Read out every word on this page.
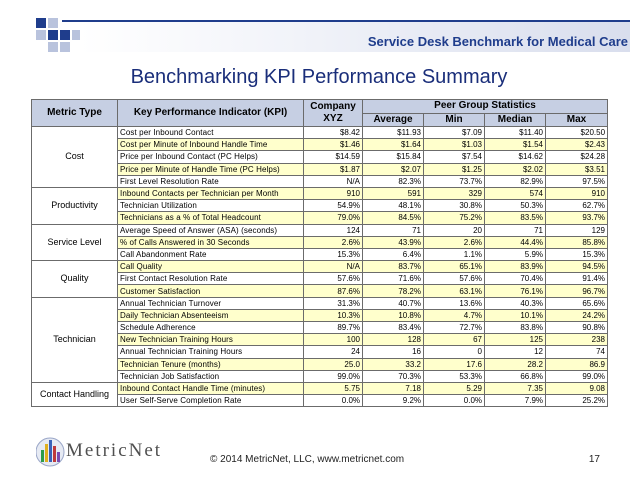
Service Desk Benchmark for Medical Care
Benchmarking KPI Performance Summary
Metric Type	Key Performance Indicator (KPI)	Company XYZ	Peer Group Statistics			
			Average	Min	Median	Max
Cost	Cost per Inbound Contact	$8.42	$11.93	$7.09	$11.40	$20.50
	Cost per Minute of Inbound Handle Time	$1.46	$1.64	$1.03	$1.54	$2.43
	Price per Inbound Contact (PC Helps)	$14.59	$15.84	$7.54	$14.62	$24.28
	Price per Minute of Handle Time (PC Helps)	$1.87	$2.07	$1.25	$2.02	$3.51
	First Level Resolution Rate	N/A	82.3%	73.7%	82.9%	97.5%
Productivity	Inbound Contacts per Technician per Month	910	591	329	574	910
	Technician Utilization	54.9%	48.1%	30.8%	50.3%	62.7%
	Technicians as a % of Total Headcount	79.0%	84.5%	75.2%	83.5%	93.7%
Service Level	Average Speed of Answer (ASA) (seconds)	124	71	20	71	129
	% of Calls Answered in 30 Seconds	2.6%	43.9%	2.6%	44.4%	85.8%
	Call Abandonment Rate	15.3%	6.4%	1.1%	5.9%	15.3%
Quality	Call Quality	N/A	83.7%	65.1%	83.9%	94.5%
	First Contact Resolution Rate	57.6%	71.6%	57.6%	70.4%	91.4%
	Customer Satisfaction	87.6%	78.2%	63.1%	76.1%	96.7%
Technician	Annual Technician Turnover	31.3%	40.7%	13.6%	40.3%	65.6%
	Daily Technician Absenteeism	10.3%	10.8%	4.7%	10.1%	24.2%
	Schedule Adherence	89.7%	83.4%	72.7%	83.8%	90.8%
	New Technician Training Hours	100	128	67	125	238
	Annual Technician Training Hours	24	16	0	12	74
	Technician Tenure (months)	25.0	33.2	17.6	28.2	86.9
	Technician Job Satisfaction	99.0%	70.3%	53.3%	66.8%	99.0%
Contact Handling	Inbound Contact Handle Time (minutes)	5.75	7.18	5.29	7.35	9.08
	User Self-Serve Completion Rate	0.0%	9.2%	0.0%	7.9%	25.2%
MetricNet	© 2014 MetricNet, LLC, www.metricnet.com	17
